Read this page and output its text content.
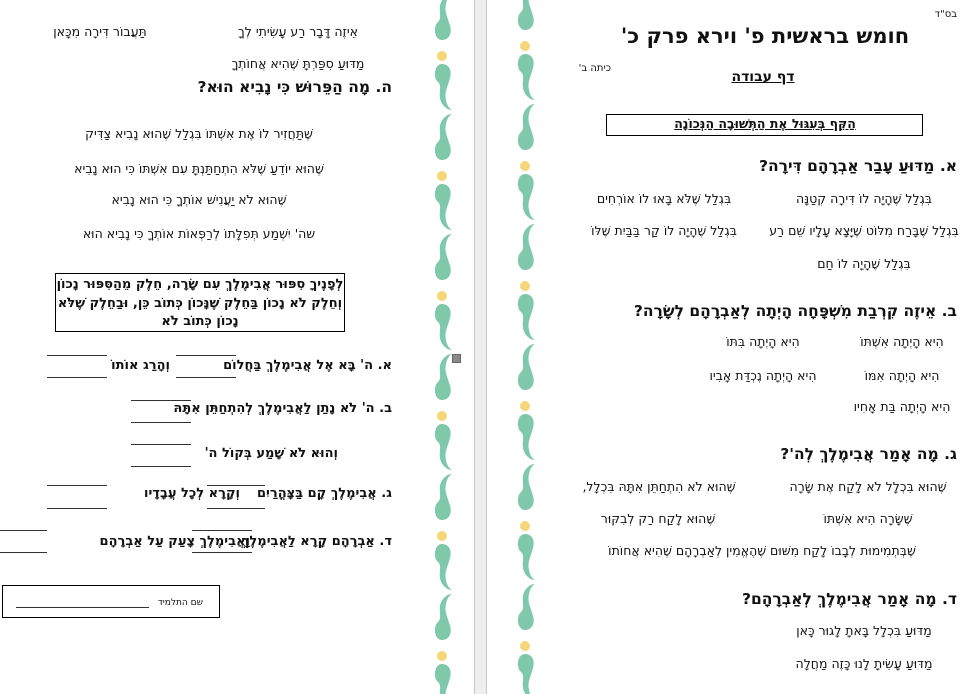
בס"ד
חומש בראשית פ' וירא פרק כ'
כיתה ב'
דף עבודה
הַקֵּף בְּעִגּוּל אֶת הַתְּשׁוּבָה הַנְּכוֹנָה
א. מַדּוּעַ עָבַר אַבְרָהָם דִּירָה?
בִּגְלַל שֶׁהָיָה לוֹ דִּירָה קְטַנָּה
בִּגְלַל שֶׁלֹּא בָּאוּ לוֹ אוֹרְחִים
בִּגְלַל שֶׁבָּרַח מִלּוֹט שֶׁיָּצָא עָלָיו שֵׁם רַע
בִּגְלַל שֶׁהָיָה לוֹ קַר בַּבַּיִת שֶׁלּוֹ
בִּגְלַל שֶׁהָיָה לוֹ חַם
ב. אֵיזֶה קִרְבַת מִשְׁפָּחָה הָיְתָה לְאַבְרָהָם לְשָׂרָה?
הִיא הָיְתָה אִשְׁתּוֹ
הִיא הָיְתָה בִּתּוֹ
הִיא הָיְתָה אִמּוֹ
הִיא הָיְתָה נֶכְדַּת אָבִיו
הִיא הָיְתָה בַּת אָחִיו
ג. מָה אָמַר אֲבִימֶלֶךְ לְה'?
שֶׁהוּא בִּכְלָל לֹא לָקַח אֶת שָׂרָה
שֶׁהוּא לֹא הִתְחַתֵּן אִתָּהּ בִּכְלָל,
שֶׁשָּׂרָה הִיא אִשְׁתּוֹ
שֶׁהוּא לָקַח רַק לְבִקּוּר
שֶׁבְּתְמִימוּת לְבָבוֹ לָקַח מִשּׁוּם שֶׁהֶאֱמִין לְאַבְרָהָם שֶׁהִיא אֲחוֹתוֹ
ד. מָה אָמַר אֲבִימֶלֶךְ לְאַבְרָהָם?
מַדּוּעַ בִּכְלָל בָּאתָ לָגוּר כָּאן
מַדּוּעַ עָשִׂיתָ לָנוּ כָּזֶה מַחֲלָה
אֵיזֶה דָּבָר רַע עָשִׂיתִי לְךָ
תַּעֲבוֹר דִּירָה מִכָּאן
מַדּוּעַ סִפַּרְתָּ שֶׁהִיא אֲחוֹתְךָ
ה. מָה הַפֵּרוּשׁ כִּי נָבִיא הוּא?
שֶׁתַּחֲזִיר לוֹ אֶת אִשְׁתּוֹ בִּגְלַל שֶׁהוּא נָבִיא צַדִּיק
שֶׁהוּא יוֹדֵעַ שֶׁלֹּא הִתְחַתַּנְתָּ עִם אִשְׁתּוֹ כִּי הוּא נָבִיא
שֶׁהוּא לֹא יַעֲנִישׁ אוֹתְךָ כִּי הוּא נָבִיא
שה' יִשְׁמַע תְּפִלָּתוֹ לְרַפְּאוֹת אוֹתְךָ כִּי נָבִיא הוּא
לְפָנֶיךָ סִפּוּר אֲבִימֶלֶךְ עִם שָׂרָה, חֵלֶק מֵהַסִּפּוּר נָכוֹן
וְחֵלֶק לֹא נָכוֹן בַּחֵלֶק שֶׁנָּכוֹן כְּתוֹב כֵּן, וּבַחֵלֶק שֶׁלֹּא
נָכוֹן כְּתוֹב לֹא
א. ה' בָּא אֶל אֲבִימֶלֶךְ בַּחֲלוֹם
וְהָרַג אוֹתוֹ
ב. ה' לֹא נָתַן לַאֲבִימֶלֶךְ לְהִתְחַתֵּן אִתָּהּ
וְהוּא לֹא שָׁמַע בְּקוֹל ה'
ג. אֲבִימֶלֶךְ קָם בַּצָּהֳרַיִם
וְקָרָא לְכָל עֲבָדָיו
ד. אַבְרָהָם קָרָא לַאֲבִימֶלֶךְ
וַאֲבִימֶלֶךְ צָעַק עַל אַבְרָהָם
שם התלמיד
